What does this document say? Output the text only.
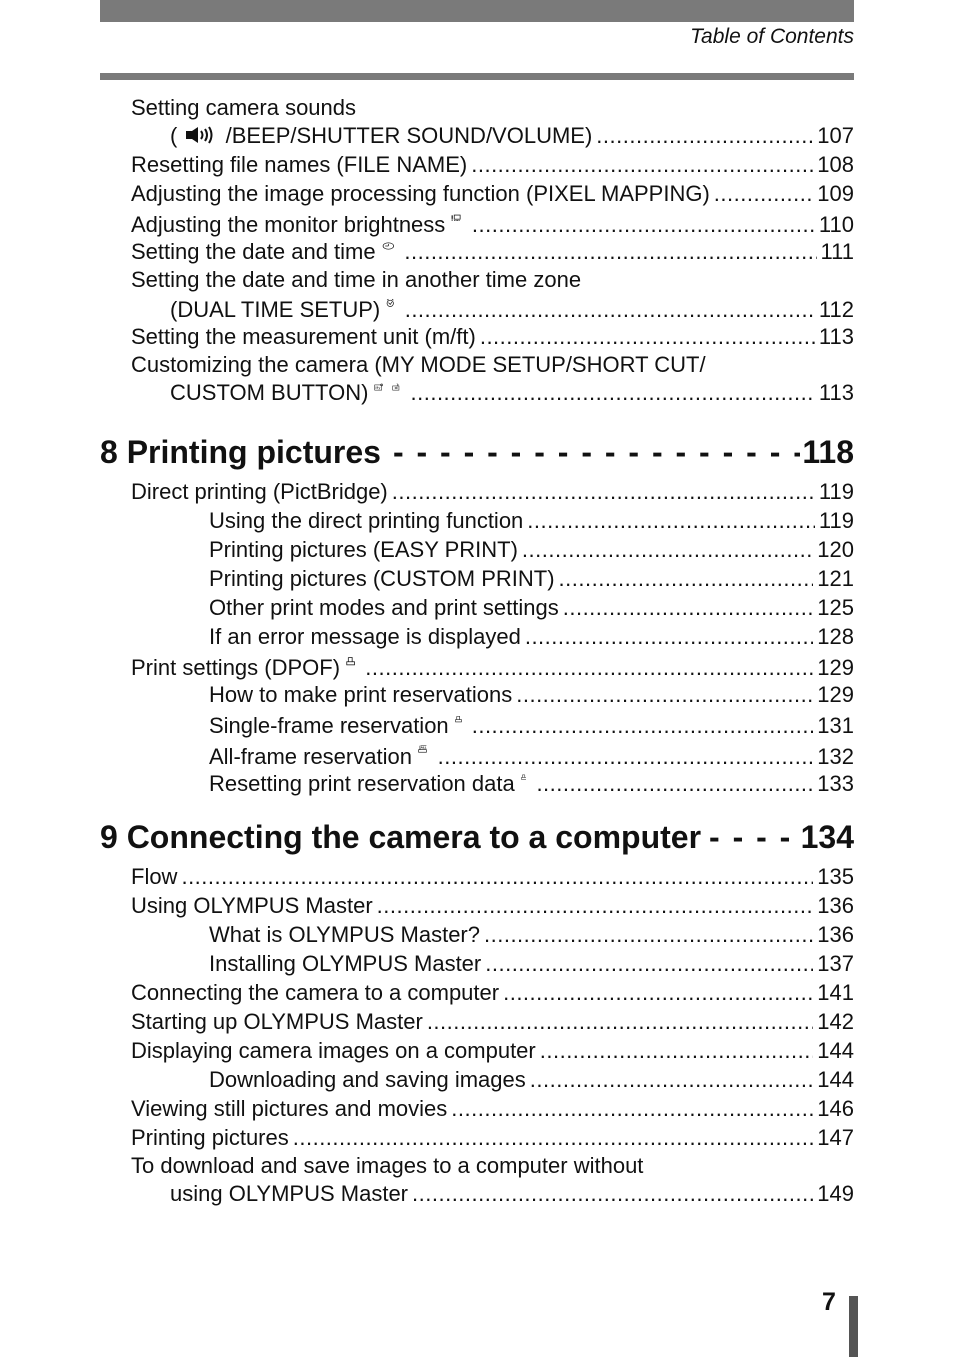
Table of Contents
Setting camera sounds
( /BEEP/SHUTTER SOUND/VOLUME) .....	107
Resetting file names (FILE NAME) .....	108
Adjusting the image processing function (PIXEL MAPPING) .....	109
Adjusting the monitor brightness .....	110
Setting the date and time .....	111
Setting the date and time in another time zone
(DUAL TIME SETUP) .....	112
Setting the measurement unit (m/ft) .....	113
Customizing the camera (MY MODE SETUP/SHORT CUT/
CUSTOM BUTTON) My .....	113
8 Printing pictures - - -	118
Direct printing (PictBridge) .....	119
Using the direct printing function .....	119
Printing pictures (EASY PRINT) .....	120
Printing pictures (CUSTOM PRINT) .....	121
Other print modes and print settings .....	125
If an error message is displayed .....	128
Print settings (DPOF) .....	129
How to make print reservations .....	129
Single-frame reservation .....	131
All-frame reservation ALL .....	132
Resetting print reservation data .....	133
9 Connecting the camera to a computer - - -	134
Flow .....	135
Using OLYMPUS Master .....	136
What is OLYMPUS Master? .....	136
Installing OLYMPUS Master .....	137
Connecting the camera to a computer .....	141
Starting up OLYMPUS Master .....	142
Displaying camera images on a computer .....	144
Downloading and saving images .....	144
Viewing still pictures and movies .....	146
Printing pictures .....	147
To download and save images to a computer without
using OLYMPUS Master .....	149
7
